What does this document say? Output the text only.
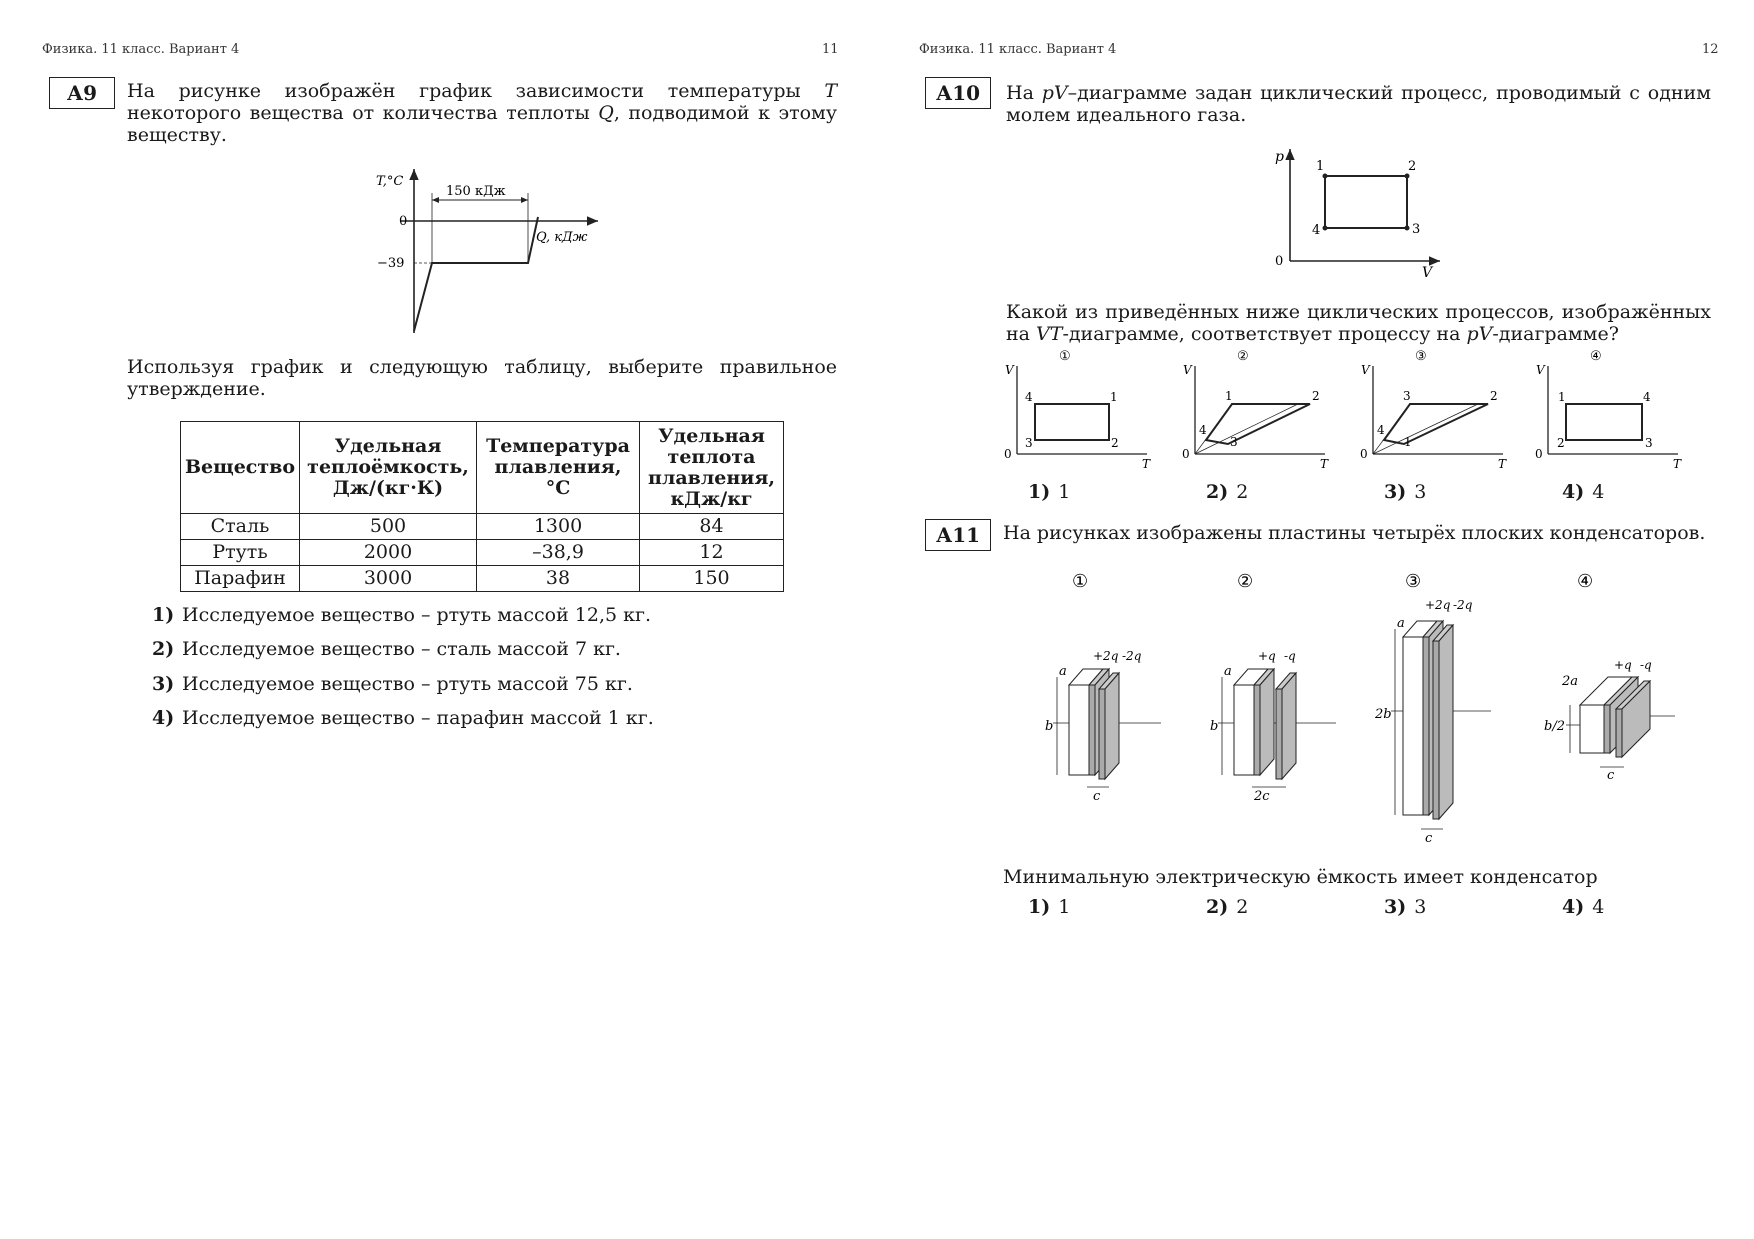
Физика. 11 класс. Вариант 4	11
А9	На рисунке изображён график зависимости температуры T некоторого вещества от количества теплоты Q, подводимой к этому веществу.
T,°C
Q, кДж
0
−39
150 кДж
Используя график и следующую таблицу, выберите правильное утверждение.
Вещество	Удельная теплоёмкость, Дж/(кг·К)	Температура плавления, °С	Удельная теплота плавления, кДж/кг
Сталь	500	1300	84
Ртуть	2000	–38,9	12
Парафин	3000	38	150
1) Исследуемое вещество – ртуть массой 12,5 кг.
2) Исследуемое вещество – сталь массой 7 кг.
3) Исследуемое вещество – ртуть массой 75 кг.
4) Исследуемое вещество – парафин массой 1 кг.
Физика. 11 класс. Вариант 4	12
А10	На pV–диаграмме задан циклический процесс, проводимый с одним молем идеального газа.
p
V
0
1	2
3
4
Какой из приведённых ниже циклических процессов, изображённых на VT-диаграмме, соответствует процессу на pV-диаграмме?
①
V
T
0
4	1
3	2
②
V
T
0
1	2
4
3
③
V
T
0
3	2
4
1
④
V
T
0
1	4
2	3
1) 1	2) 2	3) 3	4) 4
А11	На рисунках изображены пластины четырёх плоских конденсаторов.
①
+2q -2q
a
b
c
②
+q -q
a
b
2c
③
+2q -2q
a
2b
c
④
+q -q
2a
b/2
c
Минимальную электрическую ёмкость имеет конденсатор
1) 1	2) 2	3) 3	4) 4
